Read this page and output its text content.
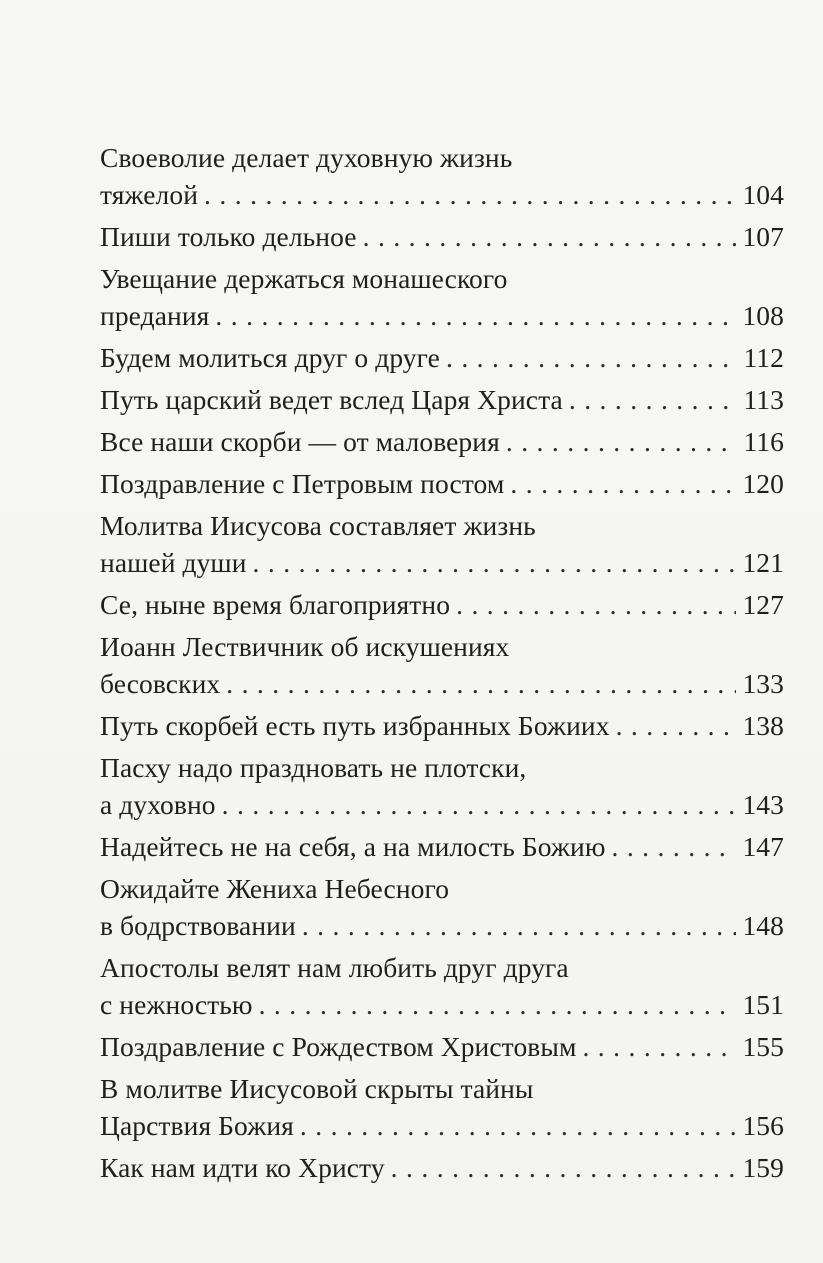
Своеволие делает духовную жизнь
тяжелой . . .	104
Пиши только дельное . . .	107
Увещание держаться монашеского
предания . . .	108
Будем молиться друг о друге . . .	112
Путь царский ведет вслед Царя Христа . . .	113
Все наши скорби — от маловерия . . .	116
Поздравление с Петровым постом . . .	120
Молитва Иисусова составляет жизнь
нашей души . . .	121
Се, ныне время благоприятно . . .	127
Иоанн Лествичник об искушениях
бесовских . . .	133
Путь скорбей есть путь избранных Божиих . . .	138
Пасху надо праздновать не плотски,
а духовно . . .	143
Надейтесь не на себя, а на милость Божию . . .	147
Ожидайте Жениха Небесного
в бодрствовании . . .	148
Апостолы велят нам любить друг друга
с нежностью . . .	151
Поздравление с Рождеством Христовым . . .	155
В молитве Иисусовой скрыты тайны
Царствия Божия . . .	156
Как нам идти ко Христу . . .	159
